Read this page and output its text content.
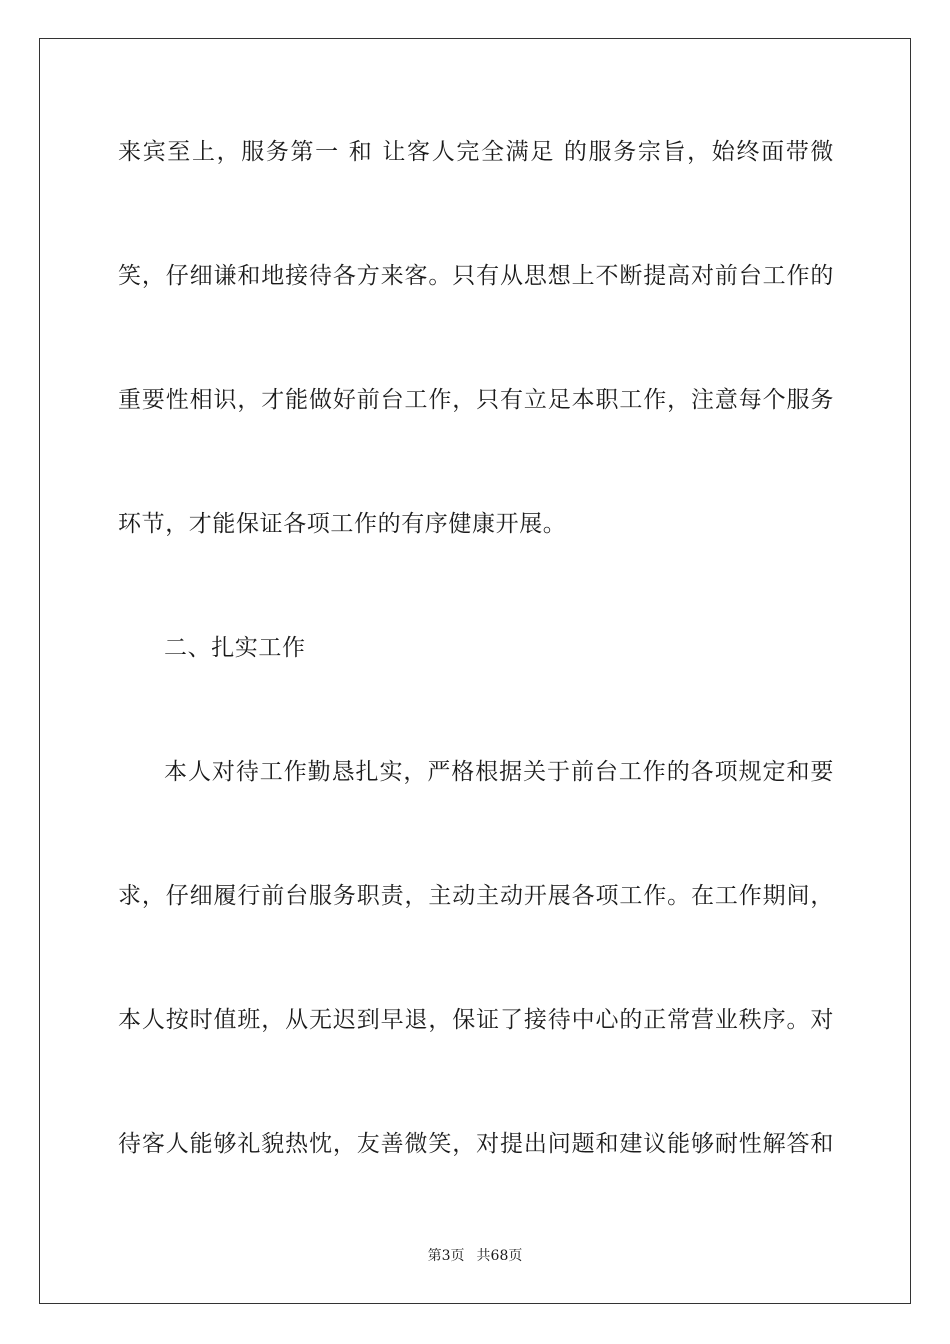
来宾至上，服务第一 和 让客人完全满足 的服务宗旨，始终面带微
笑，仔细谦和地接待各方来客。只有从思想上不断提高对前台工作的
重要性相识，才能做好前台工作，只有立足本职工作，注意每个服务
环节，才能保证各项工作的有序健康开展。
二、扎实工作
本人对待工作勤恳扎实，严格根据关于前台工作的各项规定和要
求，仔细履行前台服务职责，主动主动开展各项工作。在工作期间，
本人按时值班，从无迟到早退，保证了接待中心的正常营业秩序。对
待客人能够礼貌热忱，友善微笑，对提出问题和建议能够耐性解答和
第3页 共68页
